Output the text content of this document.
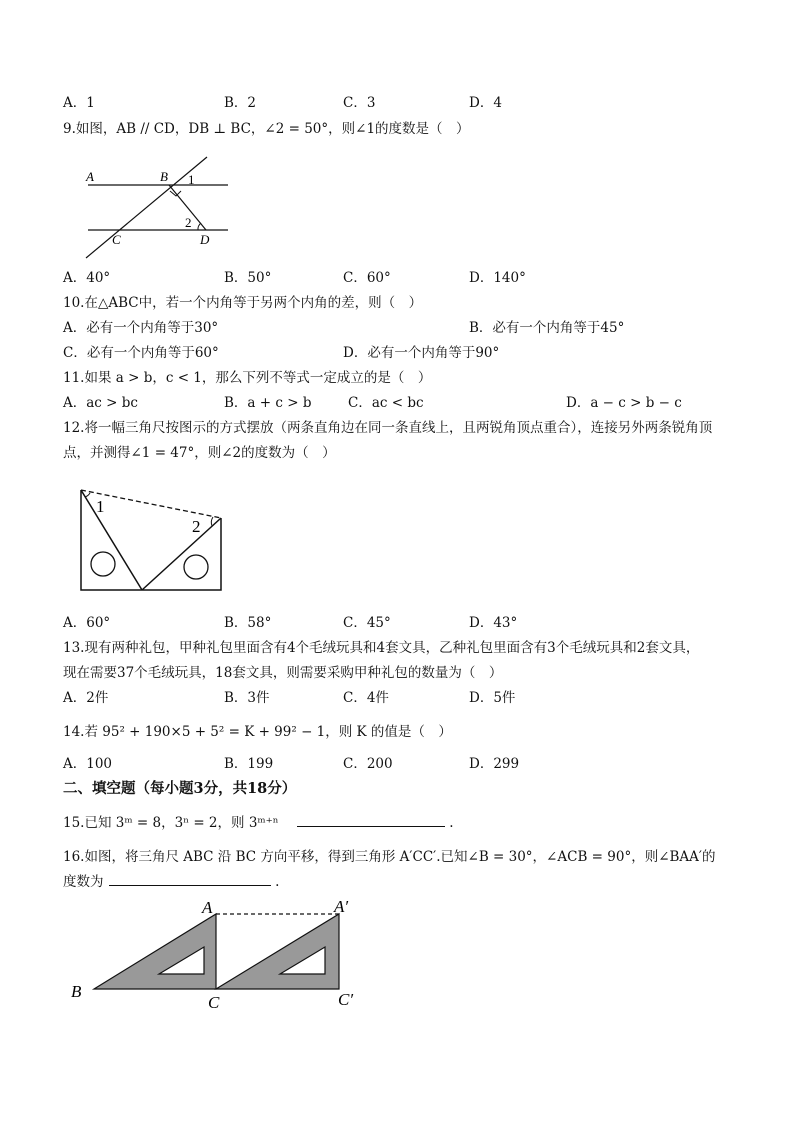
A．1	B．2	C．3	D．4
9.如图，AB // CD，DB ⊥ BC，∠2 = 50°，则∠1的度数是（　）
A	B 1
2
C	D
A．40°	B．50°	C．60°	D．140°
10.在△ABC中，若一个内角等于另两个内角的差，则（　）
A．必有一个内角等于30°	B．必有一个内角等于45°
C．必有一个内角等于60°	D．必有一个内角等于90°
11.如果 a > b，c < 1，那么下列不等式一定成立的是（　）
A．ac > bc	B．a + c > b	C．ac < bc	D．a − c > b − c
12.将一幅三角尺按图示的方式摆放（两条直角边在同一条直线上，且两锐角顶点重合），连接另外两条锐角顶
点，并测得∠1 = 47°，则∠2的度数为（　）
1
2
A．60°	B．58°	C．45°	D．43°
13.现有两种礼包，甲种礼包里面含有4个毛绒玩具和4套文具，乙种礼包里面含有3个毛绒玩具和2套文具，
现在需要37个毛绒玩具，18套文具，则需要采购甲种礼包的数量为（　）
A．2件	B．3件	C．4件	D．5件
14.若 95² + 190×5 + 5² = K + 99² − 1，则 K 的值是（　）
A．100	B．199	C．200	D．299
二、填空题（每小题3分，共18分）
15.已知 3ᵐ = 8，3ⁿ = 2，则 3ᵐ⁺ⁿ	.
16.如图，将三角尺 ABC 沿 BC 方向平移，得到三角形 A′CC′.已知∠B = 30°，∠ACB = 90°，则∠BAA′的
度数为	.
A	A′
B
C	C′
